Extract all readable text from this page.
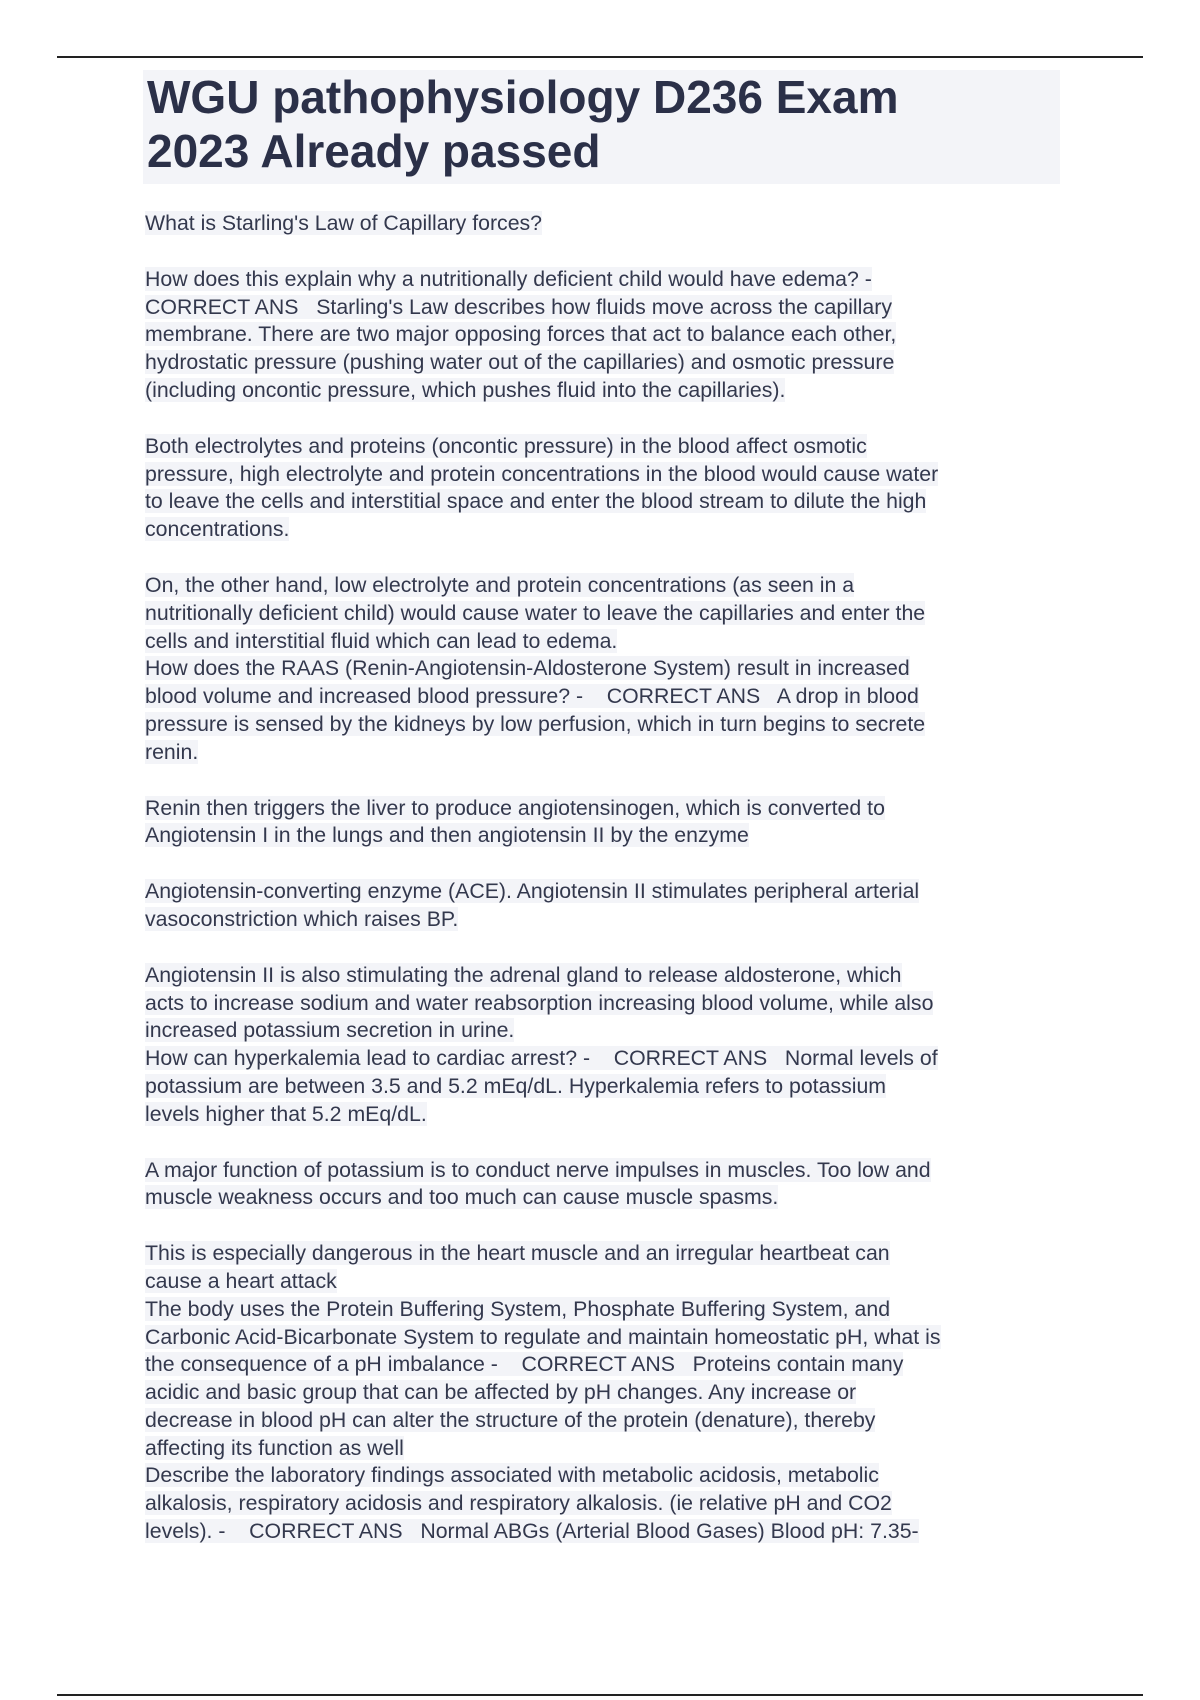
WGU pathophysiology D236 Exam
2023 Already passed
What is Starling's Law of Capillary forces?
How does this explain why a nutritionally deficient child would have edema? -
CORRECT ANS   Starling's Law describes how fluids move across the capillary
membrane. There are two major opposing forces that act to balance each other,
hydrostatic pressure (pushing water out of the capillaries) and osmotic pressure
(including oncontic pressure, which pushes fluid into the capillaries).
Both electrolytes and proteins (oncontic pressure) in the blood affect osmotic
pressure, high electrolyte and protein concentrations in the blood would cause water
to leave the cells and interstitial space and enter the blood stream to dilute the high
concentrations.
On, the other hand, low electrolyte and protein concentrations (as seen in a
nutritionally deficient child) would cause water to leave the capillaries and enter the
cells and interstitial fluid which can lead to edema.
How does the RAAS (Renin-Angiotensin-Aldosterone System) result in increased
blood volume and increased blood pressure? -    CORRECT ANS   A drop in blood
pressure is sensed by the kidneys by low perfusion, which in turn begins to secrete
renin.
Renin then triggers the liver to produce angiotensinogen, which is converted to
Angiotensin I in the lungs and then angiotensin II by the enzyme
Angiotensin-converting enzyme (ACE). Angiotensin II stimulates peripheral arterial
vasoconstriction which raises BP.
Angiotensin II is also stimulating the adrenal gland to release aldosterone, which
acts to increase sodium and water reabsorption increasing blood volume, while also
increased potassium secretion in urine.
How can hyperkalemia lead to cardiac arrest? -    CORRECT ANS   Normal levels of
potassium are between 3.5 and 5.2 mEq/dL. Hyperkalemia refers to potassium
levels higher that 5.2 mEq/dL.
A major function of potassium is to conduct nerve impulses in muscles. Too low and
muscle weakness occurs and too much can cause muscle spasms.
This is especially dangerous in the heart muscle and an irregular heartbeat can
cause a heart attack
The body uses the Protein Buffering System, Phosphate Buffering System, and
Carbonic Acid-Bicarbonate System to regulate and maintain homeostatic pH, what is
the consequence of a pH imbalance -    CORRECT ANS   Proteins contain many
acidic and basic group that can be affected by pH changes. Any increase or
decrease in blood pH can alter the structure of the protein (denature), thereby
affecting its function as well
Describe the laboratory findings associated with metabolic acidosis, metabolic
alkalosis, respiratory acidosis and respiratory alkalosis. (ie relative pH and CO2
levels). -    CORRECT ANS   Normal ABGs (Arterial Blood Gases) Blood pH: 7.35-
